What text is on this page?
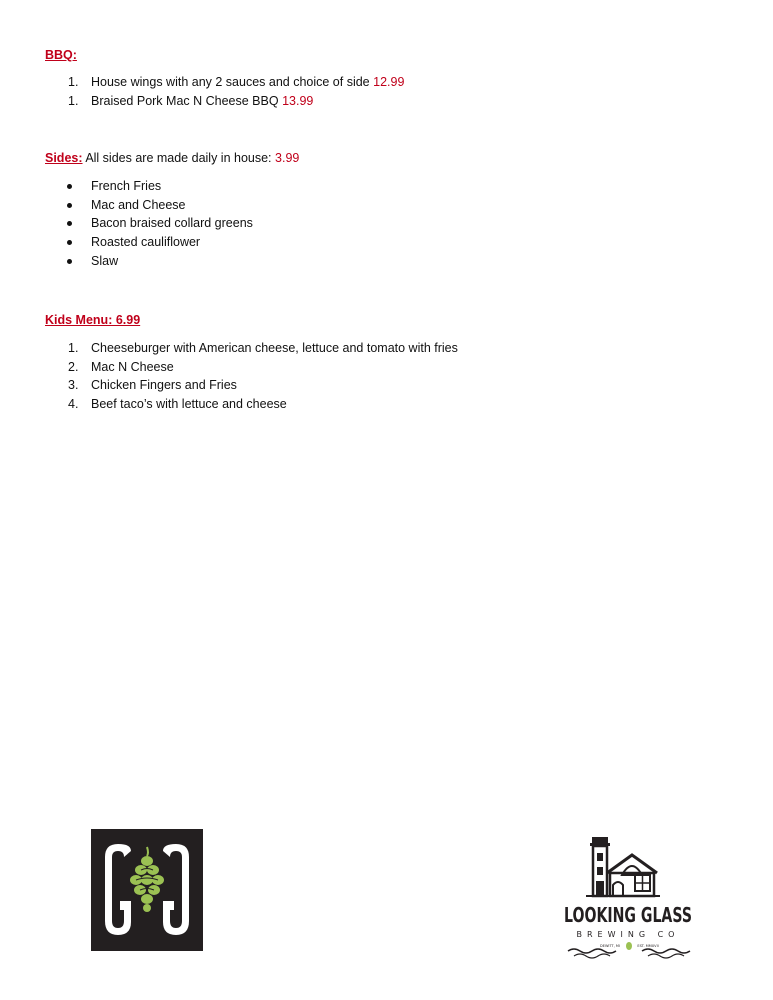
BBQ:
1.	House wings with any 2 sauces and choice of side 12.99
1.	Braised Pork Mac N Cheese BBQ 13.99
Sides: All sides are made daily in house: 3.99
French Fries
Mac and Cheese
Bacon braised collard greens
Roasted cauliflower
Slaw
Kids Menu: 6.99
1.	Cheeseburger with American cheese, lettuce and tomato with fries
2.	Mac N Cheese
3.	Chicken Fingers and Fries
4.	Beef taco’s with lettuce and cheese
LOOKING GLASS
BREWING CO
DEWITT, MI	EST. MMXVII
